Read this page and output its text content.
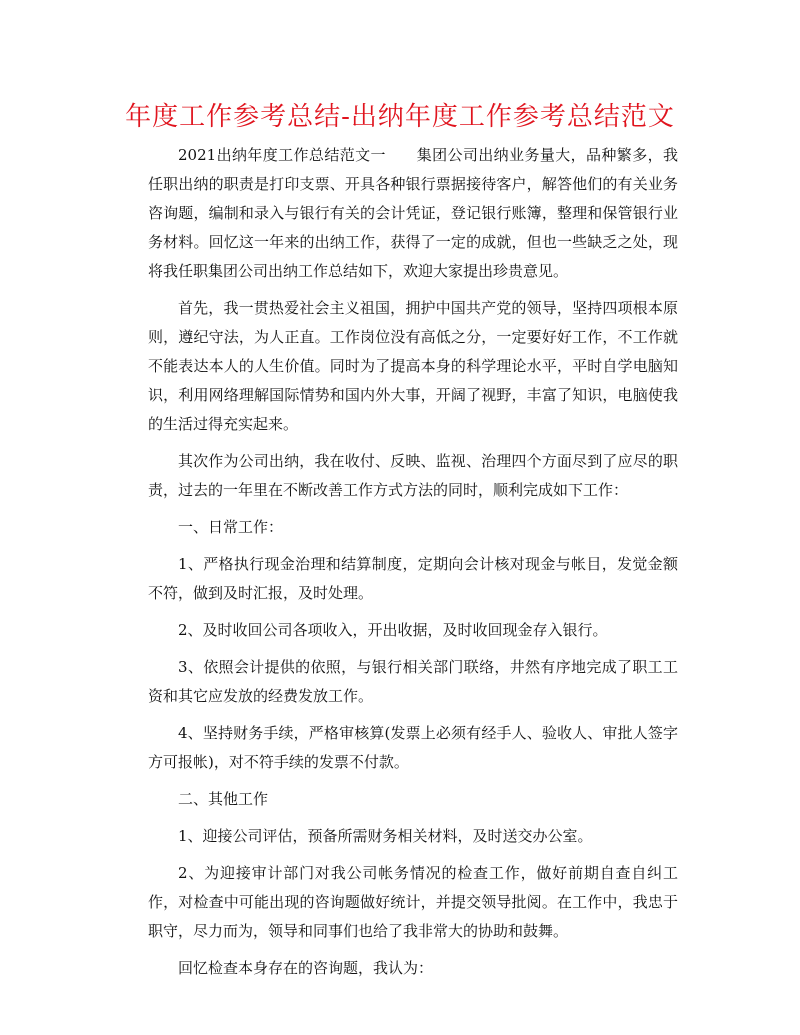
年度工作参考总结-出纳年度工作参考总结范文

2021出纳年度工作总结范文一　　集团公司出纳业务量大，品种繁多，我任职出纳的职责是打印支票、开具各种银行票据接待客户，解答他们的有关业务咨询题，编制和录入与银行有关的会计凭证，登记银行账簿，整理和保管银行业务材料。回忆这一年来的出纳工作，获得了一定的成就，但也一些缺乏之处，现将我任职集团公司出纳工作总结如下，欢迎大家提出珍贵意见。

首先，我一贯热爱社会主义祖国，拥护中国共产党的领导，坚持四项根本原则，遵纪守法，为人正直。工作岗位没有高低之分，一定要好好工作，不工作就不能表达本人的人生价值。同时为了提高本身的科学理论水平，平时自学电脑知识，利用网络理解国际情势和国内外大事，开阔了视野，丰富了知识，电脑使我的生活过得充实起来。

其次作为公司出纳，我在收付、反映、监视、治理四个方面尽到了应尽的职责，过去的一年里在不断改善工作方式方法的同时，顺利完成如下工作：

一、日常工作：

1、严格执行现金治理和结算制度，定期向会计核对现金与帐目，发觉金额不符，做到及时汇报，及时处理。

2、及时收回公司各项收入，开出收据，及时收回现金存入银行。

3、依照会计提供的依照，与银行相关部门联络，井然有序地完成了职工工资和其它应发放的经费发放工作。

4、坚持财务手续，严格审核算(发票上必须有经手人、验收人、审批人签字方可报帐)，对不符手续的发票不付款。

二、其他工作

1、迎接公司评估，预备所需财务相关材料，及时送交办公室。

2、为迎接审计部门对我公司帐务情况的检查工作，做好前期自查自纠工作，对检查中可能出现的咨询题做好统计，并提交领导批阅。在工作中，我忠于职守，尽力而为，领导和同事们也给了我非常大的协助和鼓舞。

回忆检查本身存在的咨询题，我认为：
